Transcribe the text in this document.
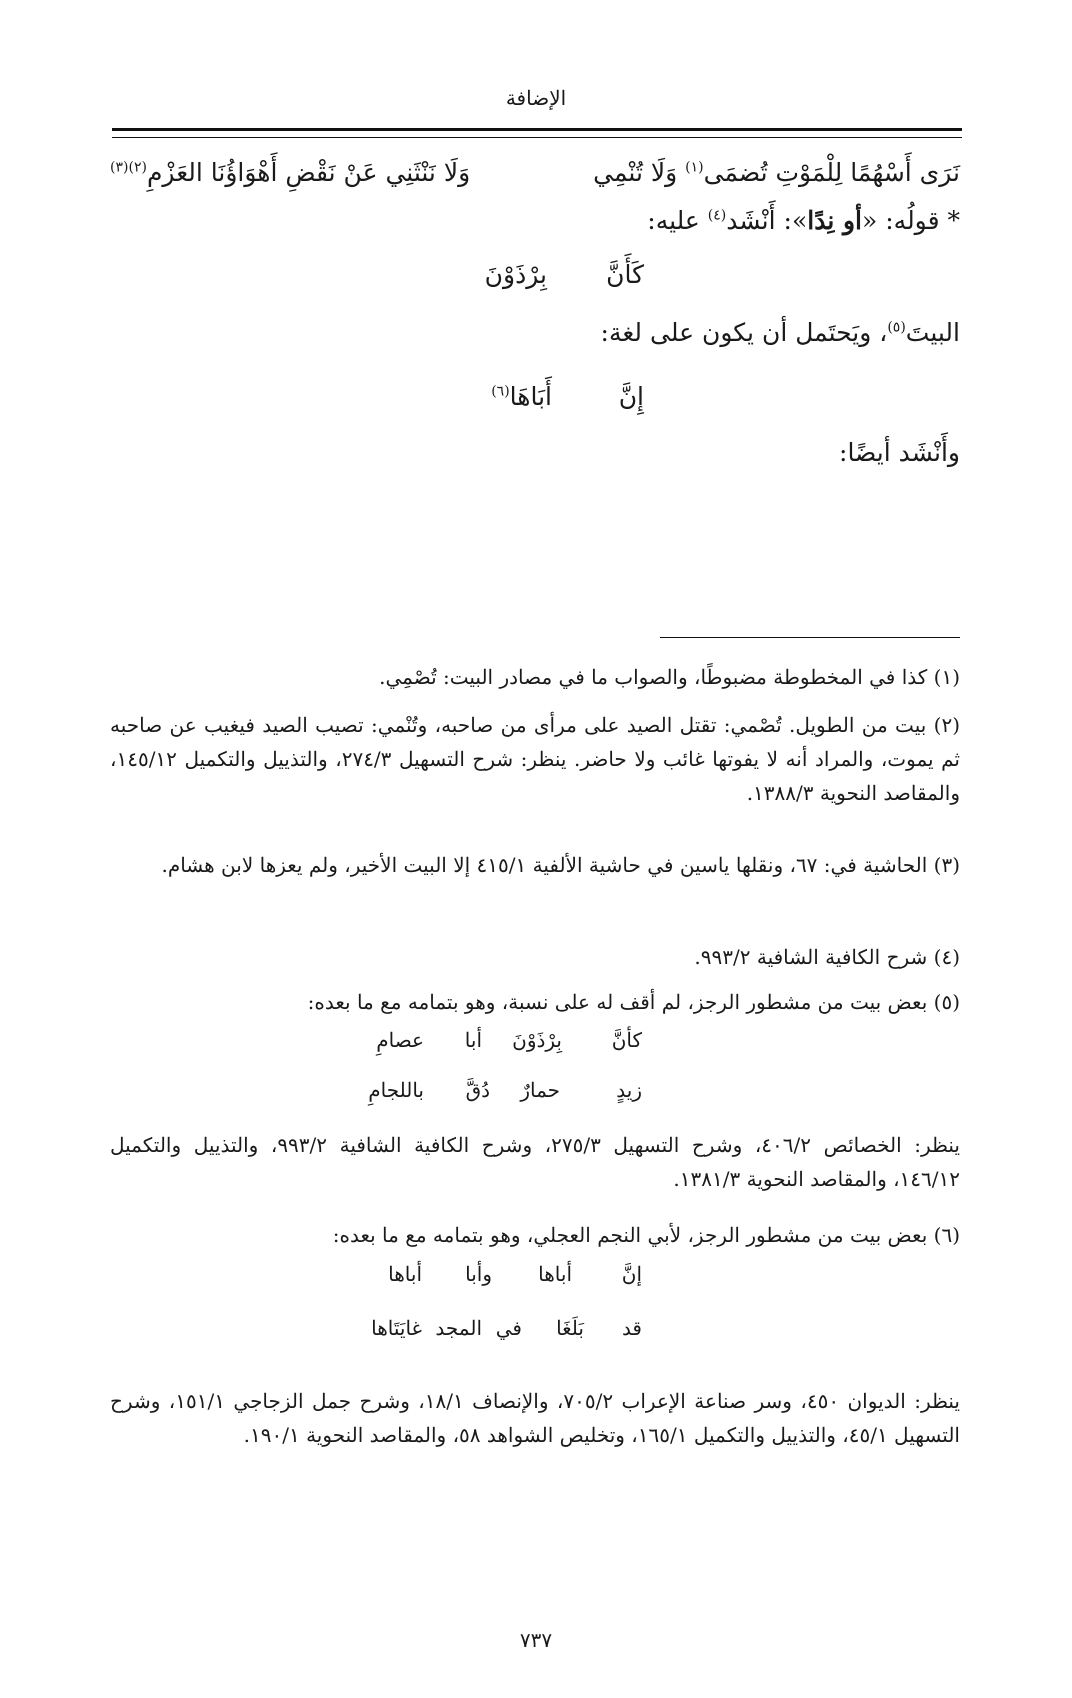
الإضافة
نَرَى أَسْهُمًا لِلْمَوْتِ تُضمَى$^{(١)}$ وَلَا تُنْمِي
وَلَا نَنْثَنِي عَنْ نَقْضِ أَهْوَاؤُنَا العَزْمِ$^{(٢)(٣)}$
* قولُه: «أو نِدًا»: أَنْشَد$^{(٤)}$ عليه:
كَأَنَّ
بِرْذَوْنَ
البيتَ$^{(٥)}$، ويَحتَمل أن يكون على لغة:
إِنَّ
أَبَاهَا$^{(٦)}$
وأَنْشَد أيضًا:
(١) كذا في المخطوطة مضبوطًا، والصواب ما في مصادر البيت: تُصْمِي.
(٢) بيت من الطويل. تُصْمي: تقتل الصيد على مرأى من صاحبه، وتُنْمي: تصيب الصيد فيغيب عن صاحبه ثم يموت، والمراد أنه لا يفوتها غائب ولا حاضر. ينظر: شرح التسهيل ٢٧٤/٣، والتذييل والتكميل ١٤٥/١٢، والمقاصد النحوية ١٣٨٨/٣.
(٣) الحاشية في: ٦٧، ونقلها ياسين في حاشية الألفية ٤١٥/١ إلا البيت الأخير، ولم يعزها لابن هشام.
(٤) شرح الكافية الشافية ٩٩٣/٢.
(٥) بعض بيت من مشطور الرجز، لم أقف له على نسبة، وهو بتمامه مع ما بعده:
كأنَّ
بِرْذَوْنَ
أبا
عصامِ
زيدٍ
حمارٌ
دُقَّ
باللجامِ
ينظر: الخصائص ٤٠٦/٢، وشرح التسهيل ٢٧٥/٣، وشرح الكافية الشافية ٩٩٣/٢، والتذييل والتكميل ١٤٦/١٢، والمقاصد النحوية ١٣٨١/٣.
(٦) بعض بيت من مشطور الرجز، لأبي النجم العجلي، وهو بتمامه مع ما بعده:
إنَّ
أباها
وأبا
أباها
قد
بَلَغَا
في
المجد
غايَتَاها
ينظر: الديوان ٤٥٠، وسر صناعة الإعراب ٧٠٥/٢، والإنصاف ١٨/١، وشرح جمل الزجاجي ١٥١/١، وشرح التسهيل ٤٥/١، والتذييل والتكميل ١٦٥/١، وتخليص الشواهد ٥٨، والمقاصد النحوية ١٩٠/١.
٧٣٧
